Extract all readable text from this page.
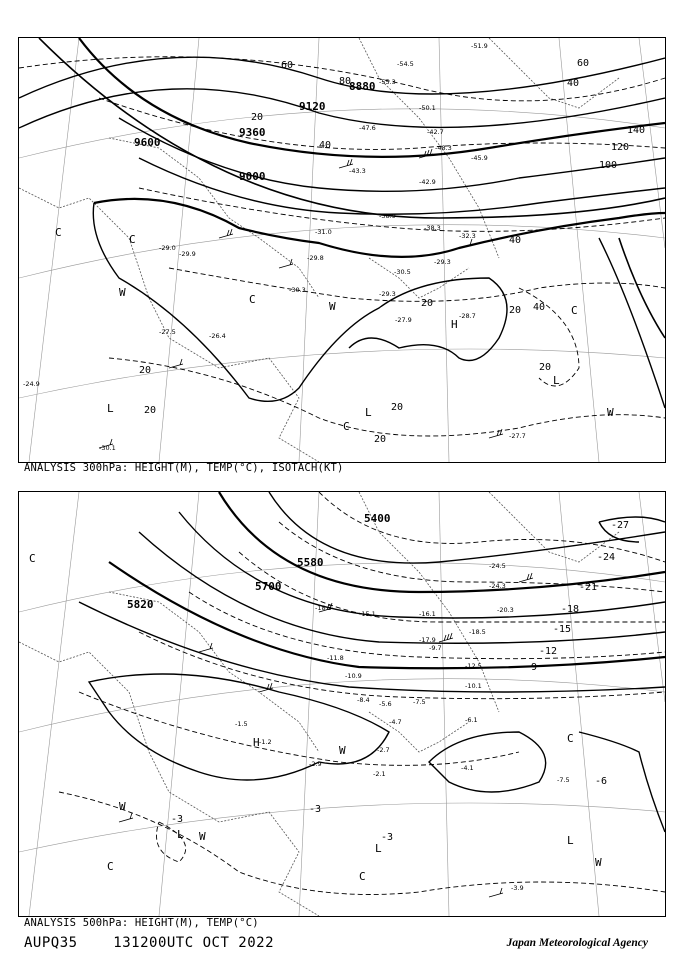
9120
9360
9600
8880
9000
20
40
60
80
100
120
140
20
40
20
20	20
20
40
60
20
40
20
C
C
C
W
H
L	L
L
W
C
C
W
-54.5
-55.3
-51.9
-50.1
-47.6
-45.9
-42.9
-43.3
-42.7
-48.3
-38.9
-38.3
-32.3
-30.5
-29.3
-29.3
-29.0
-28.7
-27.9
-27.7
-30.1
-29.9
-27.5	-26.4
-29.8
-31.0
-30.3
-24.9
ANALYSIS 300hPa: HEIGHT(M), TEMP(°C), ISOTACH(KT)
5400
5580
5700
5820
-27
-24
-21
-18
-15
-12
-9
-6
-3
-3
-3
C
C
W
H
W
L W
C
L
C
L
W
-24.5
-24.3
-20.3
-18.5
-18.3
-17.9
-16.1
-15.1
-12.5
-11.8
-10.9
-10.1
-9.7
-8.4	-7.5
-6.1
-5.6
-4.7
-4.1
-3.9
-2.7
-2.1
-1.5
-1.2
-7.5
-2.9
ANALYSIS 500hPa: HEIGHT(M), TEMP(°C)
AUPQ35	131200UTC OCT 2022	Japan Meteorological Agency
